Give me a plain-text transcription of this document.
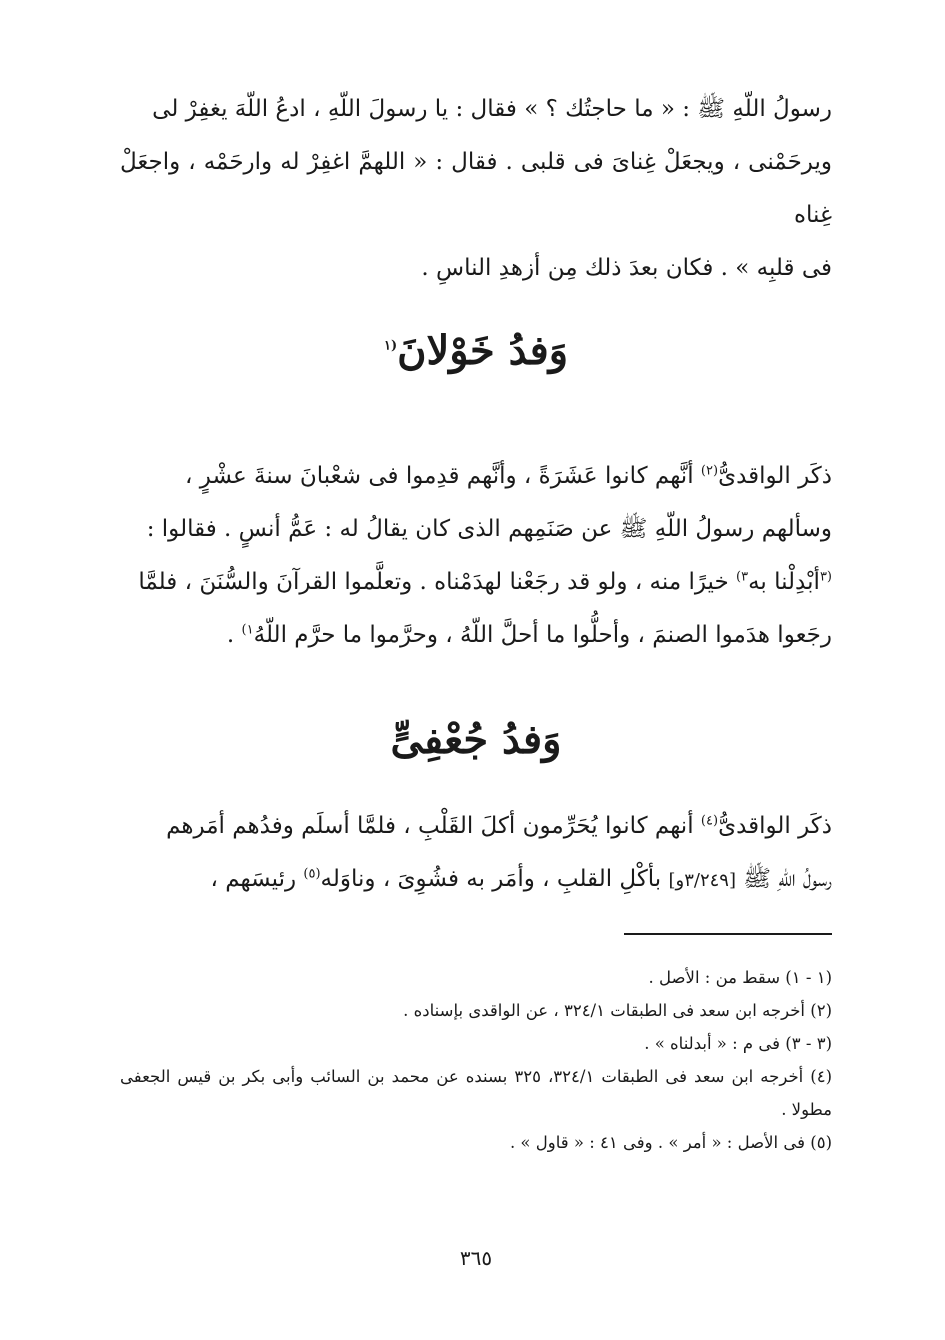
رسولُ اللّهِ ﷺ : « ما حاجتُك ؟ » فقال : يا رسولَ اللّهِ ، ادعُ اللّهَ يغفِرْ لى

ويرحَمْنى ، ويجعَلْ غِناىَ فى قلبى . فقال : « اللهمَّ اغفِرْ له وارحَمْه ، واجعَلْ غِناه

فى قلبِه » . فكان بعدَ ذلك مِن أزهدِ الناسِ .

وَفدُ خَوْلانَ$^{(١}$

ذكَر الواقدىُّ$^{(٢)}$ أنَّهم كانوا عَشَرَةً ، وأنَّهم قدِموا فى شعْبانَ سنةَ عشْرٍ ،

وسألهم رسولُ اللّهِ ﷺ عن صَنَمِهم الذى كان يقالُ له : عَمُّ أنسٍ . فقالوا :

$^{(٣}$أبْدِلْنا به$^{٣)}$ خيرًا منه ، ولو قد رجَعْنا لهدَمْناه . وتعلَّموا القرآنَ والسُّنَنَ ، فلمَّا

رجَعوا هدَموا الصنمَ ، وأحلُّوا ما أحلَّ اللّهُ ، وحرَّموا ما حرَّم اللّهُ$^{١)}$ .

وَفدُ جُعْفِىٍّ

ذكَر الواقدىُّ$^{(٤)}$ أنهم كانوا يُحَرِّمون أكلَ القَلْبِ ، فلمَّا أسلَم وفدُهم أمَرهم

رسولُ اللّهِ ﷺ [٣/٢٤٩و] بأكْلِ القلبِ ، وأمَر به فشُوِىَ ، وناوَله$^{(٥)}$ رئيسَهم ،

(١ - ١) سقط من : الأصل .

(٢) أخرجه ابن سعد فى الطبقات ٣٢٤/١ ، عن الواقدى بإسناده .

(٣ - ٣) فى م : « أبدلناه » .

(٤) أخرجه ابن سعد فى الطبقات ٣٢٤/١، ٣٢٥ بسنده عن محمد بن السائب وأبى بكر بن قيس الجعفى مطولا .

(٥) فى الأصل : « أمر » . وفى ٤١ : « قاول » .

٣٦٥
